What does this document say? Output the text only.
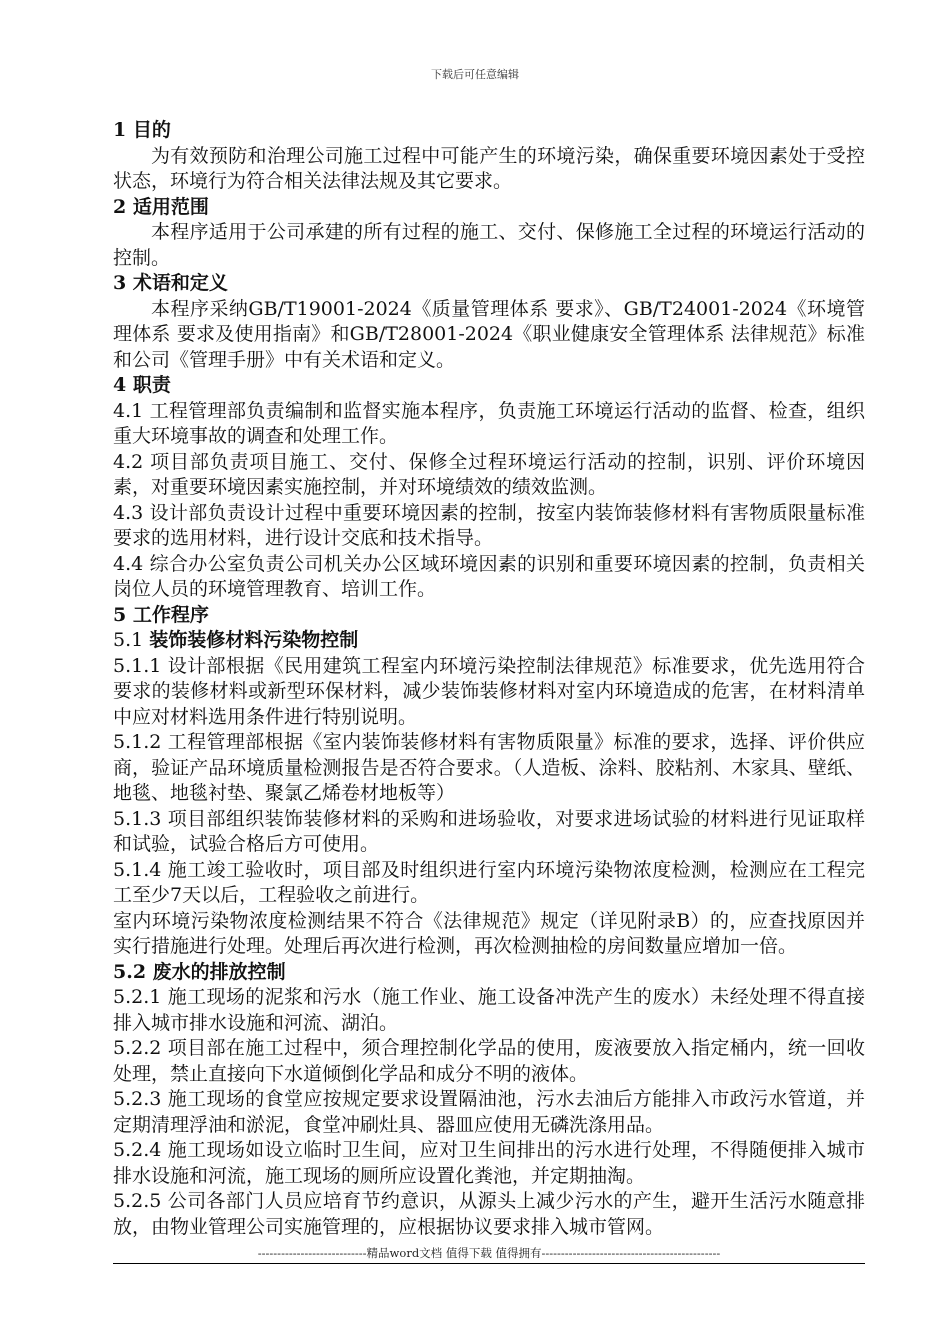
下载后可任意编辑

1 目的

为有效预防和治理公司施工过程中可能产生的环境污染，确保重要环境因素处于受控状态，环境行为符合相关法律法规及其它要求。

2 适用范围

本程序适用于公司承建的所有过程的施工、交付、保修施工全过程的环境运行活动的控制。

3 术语和定义

本程序采纳GB/T19001-2024《质量管理体系 要求》、GB/T24001-2024《环境管理体系 要求及使用指南》和GB/T28001-2024《职业健康安全管理体系 法律规范》标准和公司《管理手册》中有关术语和定义。

4 职责

4.1 工程管理部负责编制和监督实施本程序，负责施工环境运行活动的监督、检查，组织重大环境事故的调查和处理工作。

4.2 项目部负责项目施工、交付、保修全过程环境运行活动的控制，识别、评价环境因素，对重要环境因素实施控制，并对环境绩效的绩效监测。

4.3 设计部负责设计过程中重要环境因素的控制，按室内装饰装修材料有害物质限量标准要求的选用材料，进行设计交底和技术指导。

4.4 综合办公室负责公司机关办公区域环境因素的识别和重要环境因素的控制，负责相关岗位人员的环境管理教育、培训工作。

5 工作程序

5.1 装饰装修材料污染物控制

5.1.1 设计部根据《民用建筑工程室内环境污染控制法律规范》标准要求，优先选用符合要求的装修材料或新型环保材料，减少装饰装修材料对室内环境造成的危害，在材料清单中应对材料选用条件进行特别说明。

5.1.2 工程管理部根据《室内装饰装修材料有害物质限量》标准的要求，选择、评价供应商，验证产品环境质量检测报告是否符合要求。（人造板、涂料、胶粘剂、木家具、壁纸、地毯、地毯衬垫、聚氯乙烯卷材地板等）

5.1.3 项目部组织装饰装修材料的采购和进场验收，对要求进场试验的材料进行见证取样和试验，试验合格后方可使用。

5.1.4 施工竣工验收时，项目部及时组织进行室内环境污染物浓度检测，检测应在工程完工至少7天以后，工程验收之前进行。

室内环境污染物浓度检测结果不符合《法律规范》规定（详见附录B）的，应查找原因并实行措施进行处理。处理后再次进行检测，再次检测抽检的房间数量应增加一倍。

5.2 废水的排放控制

5.2.1 施工现场的泥浆和污水（施工作业、施工设备冲洗产生的废水）未经处理不得直接排入城市排水设施和河流、湖泊。

5.2.2 项目部在施工过程中，须合理控制化学品的使用，废液要放入指定桶内，统一回收处理，禁止直接向下水道倾倒化学品和成分不明的液体。

5.2.3 施工现场的食堂应按规定要求设置隔油池，污水去油后方能排入市政污水管道，并定期清理浮油和淤泥，食堂冲刷灶具、器皿应使用无磷洗涤用品。

5.2.4 施工现场如设立临时卫生间，应对卫生间排出的污水进行处理，不得随便排入城市排水设施和河流，施工现场的厕所应设置化粪池，并定期抽淘。

5.2.5 公司各部门人员应培育节约意识，从源头上减少污水的产生，避开生活污水随意排放，由物业管理公司实施管理的，应根据协议要求排入城市管网。

----------------------------精品word文档 值得下载 值得拥有----------------------------------------------
